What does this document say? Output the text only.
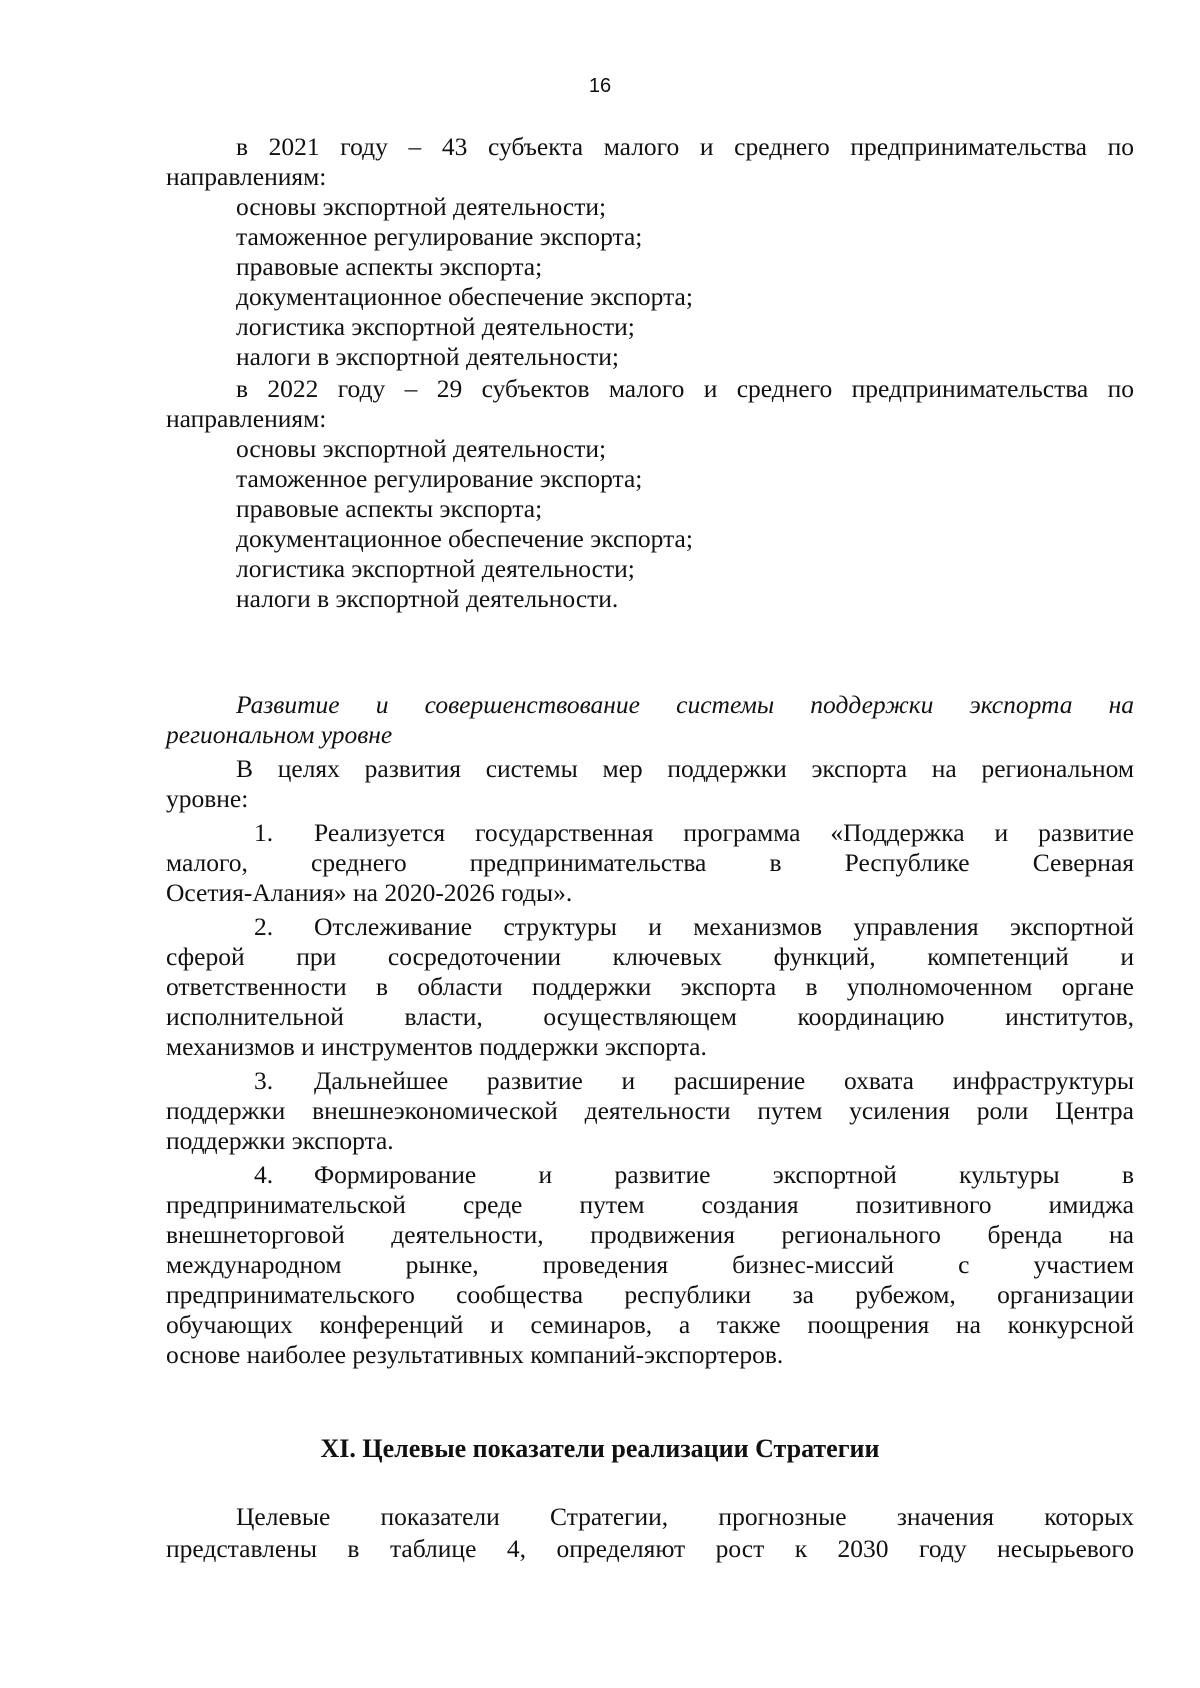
16
в 2021 году – 43 субъекта малого и среднего предпринимательства по
направлениям:
основы экспортной деятельности;
таможенное регулирование экспорта;
правовые аспекты экспорта;
документационное обеспечение экспорта;
логистика экспортной деятельности;
налоги в экспортной деятельности;
в 2022 году – 29 субъектов малого и среднего предпринимательства по
направлениям:
основы экспортной деятельности;
таможенное регулирование экспорта;
правовые аспекты экспорта;
документационное обеспечение экспорта;
логистика экспортной деятельности;
налоги в экспортной деятельности.
Развитие и совершенствование системы поддержки экспорта на
региональном уровне
В целях развития системы мер поддержки экспорта на региональном
уровне:
1. Реализуется государственная программа «Поддержка и развитие
малого, среднего предпринимательства в Республике Северная
Осетия-Алания» на 2020-2026 годы».
2. Отслеживание структуры и механизмов управления экспортной
сферой при сосредоточении ключевых функций, компетенций и
ответственности в области поддержки экспорта в уполномоченном органе
исполнительной власти, осуществляющем координацию институтов,
механизмов и инструментов поддержки экспорта.
3. Дальнейшее развитие и расширение охвата инфраструктуры
поддержки внешнеэкономической деятельности путем усиления роли Центра
поддержки экспорта.
4. Формирование и развитие экспортной культуры в
предпринимательской среде путем создания позитивного имиджа
внешнеторговой деятельности, продвижения регионального бренда на
международном рынке, проведения бизнес-миссий с участием
предпринимательского сообщества республики за рубежом, организации
обучающих конференций и семинаров, а также поощрения на конкурсной
основе наиболее результативных компаний-экспортеров.
XI. Целевые показатели реализации Стратегии
Целевые показатели Стратегии, прогнозные значения которых
представлены в таблице 4, определяют рост к 2030 году несырьевого
